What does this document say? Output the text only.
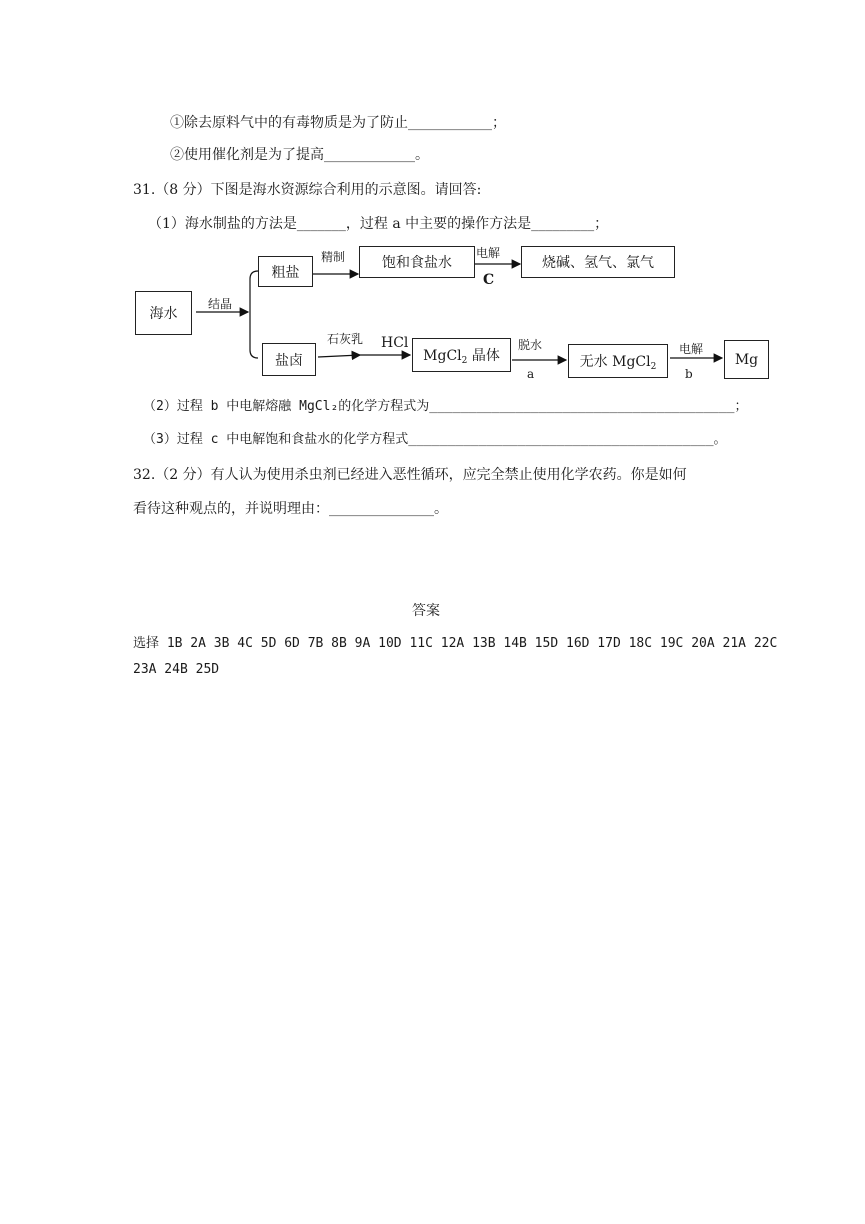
①除去原料气中的有毒物质是为了防止____________；
②使用催化剂是为了提高_____________。
31.（8 分）下图是海水资源综合利用的示意图。请回答:
（1）海水制盐的方法是_______，过程 a 中主要的操作方法是_________；
海水
粗盐
饱和食盐水	烧碱、氢气、氯气
盐卤	MgCl$_2$ 晶体	无水 MgCl$_2$	Mg
结晶
精制	电解
C
石灰乳 HCl	脱水
a
电解
b
（2）过程 b 中电解熔融 MgCl₂的化学方程式为_______________________________________；
（3）过程 c 中电解饱和食盐水的化学方程式_______________________________________。
32.（2 分）有人认为使用杀虫剂已经进入恶性循环，应完全禁止使用化学农药。你是如何
看待这种观点的，并说明理由：_______________。
答案
选择 1B 2A 3B 4C 5D 6D 7B 8B 9A 10D 11C 12A 13B 14B 15D 16D 17D 18C 19C 20A 21A 22C
23A 24B 25D
